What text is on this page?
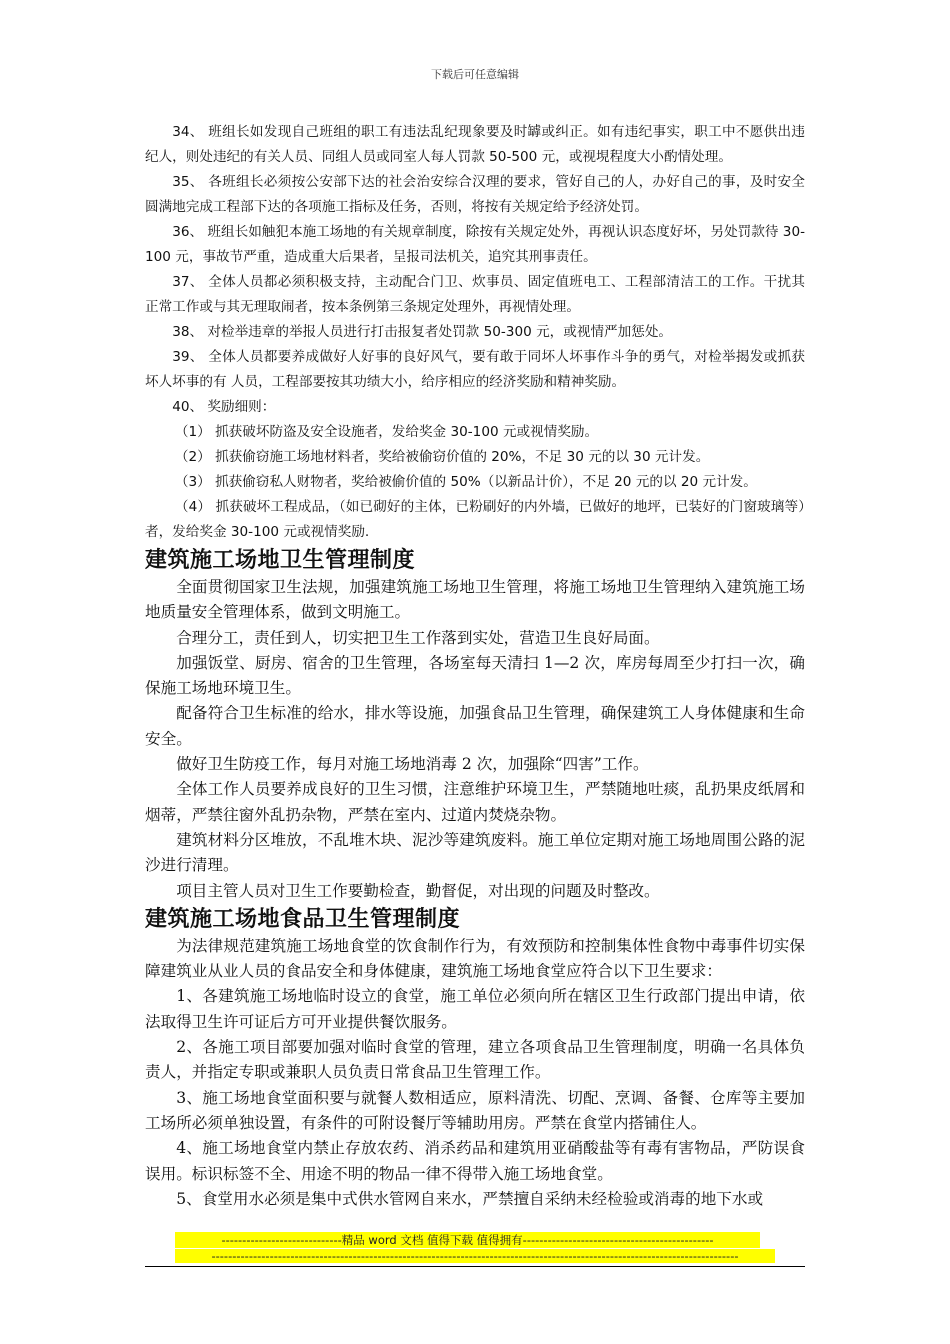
下载后可任意编辑

34、 班组长如发现自己班组的职工有违法乱纪现象要及时罅或纠正。如有违纪事实，职工中不愿供出违纪人，则处违纪的有关人员、同组人员或同室人每人罚款 50-500 元，或视垷程度大小酌情处理。

35、 各班组长必须按公安部下达的社会治安综合汉理的要求，管好自己的人，办好自己的事，及时安全圆满地完成工程部下达的各项施工指标及任务，否则，将按有关规定给予经济处罚。

36、 班组长如触犯本施工场地的有关规章制度，除按有关规定处外，再视认识态度好坏，另处罚款待 30-100 元，事故节严重，造成重大后果者，呈报司法机关，追究其刑事责任。

37、 全体人员都必须积极支持，主动配合门卫、炊事员、固定值班电工、工程部清洁工的工作。干扰其正常工作或与其无理取闹者，按本条例第三条规定处理外，再视情处理。

38、 对检举违章的举报人员进行打击报复者处罚款 50-300 元，或视情严加惩处。

39、 全体人员都要养成做好人好事的良好风气，要有敢于同坏人坏事作斗争的勇气，对检举揭发或抓获坏人坏事的有 人员，工程部要按其功绩大小，给序相应的经济奖励和精神奖励。

40、 奖励细则：

（1） 抓获破坏防盗及安全设施者，发给奖金 30-100 元或视情奖励。

（2） 抓获偷窃施工场地材料者，奖给被偷窃价值的 20%，不足 30 元的以 30 元计发。

（3） 抓获偷窃私人财物者，奖给被偷价值的 50%（以新品计价），不足 20 元的以 20 元计发。

（4） 抓获破坏工程成品，（如已砌好的主体，已粉刷好的内外墙，已做好的地坪，已装好的门窗玻璃等）者，发给奖金 30-100 元或视情奖励.

建筑施工场地卫生管理制度

全面贯彻国家卫生法规，加强建筑施工场地卫生管理，将施工场地卫生管理纳入建筑施工场地质量安全管理体系，做到文明施工。

合理分工，责任到人，切实把卫生工作落到实处，营造卫生良好局面。

加强饭堂、厨房、宿舍的卫生管理，各场室每天清扫 1—2 次，库房每周至少打扫一次，确保施工场地环境卫生。

配备符合卫生标准的给水，排水等设施，加强食品卫生管理，确保建筑工人身体健康和生命安全。

做好卫生防疫工作，每月对施工场地消毒 2 次，加强除“四害”工作。

全体工作人员要养成良好的卫生习惯，注意维护环境卫生，严禁随地吐痰，乱扔果皮纸屑和烟蒂，严禁往窗外乱扔杂物，严禁在室内、过道内焚烧杂物。

建筑材料分区堆放，不乱堆木块、泥沙等建筑废料。施工单位定期对施工场地周围公路的泥沙进行清理。

项目主管人员对卫生工作要勤检查，勤督促，对出现的问题及时整改。

建筑施工场地食品卫生管理制度

为法律规范建筑施工场地食堂的饮食制作行为，有效预防和控制集体性食物中毒事件切实保障建筑业从业人员的食品安全和身体健康，建筑施工场地食堂应符合以下卫生要求：

1、各建筑施工场地临时设立的食堂，施工单位必须向所在辖区卫生行政部门提出申请，依法取得卫生许可证后方可开业提供餐饮服务。

2、各施工项目部要加强对临时食堂的管理，建立各项食品卫生管理制度，明确一名具体负责人，并指定专职或兼职人员负责日常食品卫生管理工作。

3、施工场地食堂面积要与就餐人数相适应，原料清洗、切配、烹调、备餐、仓库等主要加工场所必须单独设置，有条件的可附设餐厅等辅助用房。严禁在食堂内搭铺住人。

4、施工场地食堂内禁止存放农药、消杀药品和建筑用亚硝酸盐等有毒有害物品，严防误食误用。标识标签不全、用途不明的物品一律不得带入施工场地食堂。

5、食堂用水必须是集中式供水管网自来水，严禁擅自采纳未经检验或消毒的地下水或

-----------------------------精品 word 文档 值得下载 值得拥有----------------------------------------------
-------------------------------------------------------------------------------------------------------------------------------
